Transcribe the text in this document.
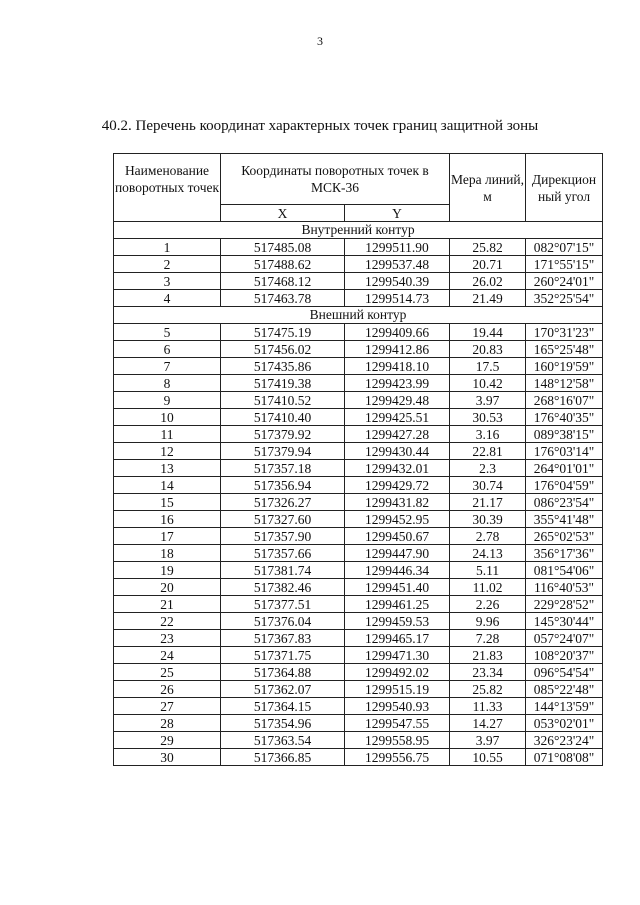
3
40.2. Перечень координат характерных точек границ защитной зоны
Наименование поворотных точек	Координаты поворотных точек в МСК-36		Мера линий, м	Дирекцион ный угол
	X	Y		
Внутренний контур				
1	517485.08	1299511.90	25.82	082°07'15"
2	517488.62	1299537.48	20.71	171°55'15"
3	517468.12	1299540.39	26.02	260°24'01"
4	517463.78	1299514.73	21.49	352°25'54"
Внешний контур				
5	517475.19	1299409.66	19.44	170°31'23"
6	517456.02	1299412.86	20.83	165°25'48"
7	517435.86	1299418.10	17.5	160°19'59"
8	517419.38	1299423.99	10.42	148°12'58"
9	517410.52	1299429.48	3.97	268°16'07"
10	517410.40	1299425.51	30.53	176°40'35"
11	517379.92	1299427.28	3.16	089°38'15"
12	517379.94	1299430.44	22.81	176°03'14"
13	517357.18	1299432.01	2.3	264°01'01"
14	517356.94	1299429.72	30.74	176°04'59"
15	517326.27	1299431.82	21.17	086°23'54"
16	517327.60	1299452.95	30.39	355°41'48"
17	517357.90	1299450.67	2.78	265°02'53"
18	517357.66	1299447.90	24.13	356°17'36"
19	517381.74	1299446.34	5.11	081°54'06"
20	517382.46	1299451.40	11.02	116°40'53"
21	517377.51	1299461.25	2.26	229°28'52"
22	517376.04	1299459.53	9.96	145°30'44"
23	517367.83	1299465.17	7.28	057°24'07"
24	517371.75	1299471.30	21.83	108°20'37"
25	517364.88	1299492.02	23.34	096°54'54"
26	517362.07	1299515.19	25.82	085°22'48"
27	517364.15	1299540.93	11.33	144°13'59"
28	517354.96	1299547.55	14.27	053°02'01"
29	517363.54	1299558.95	3.97	326°23'24"
30	517366.85	1299556.75	10.55	071°08'08"
